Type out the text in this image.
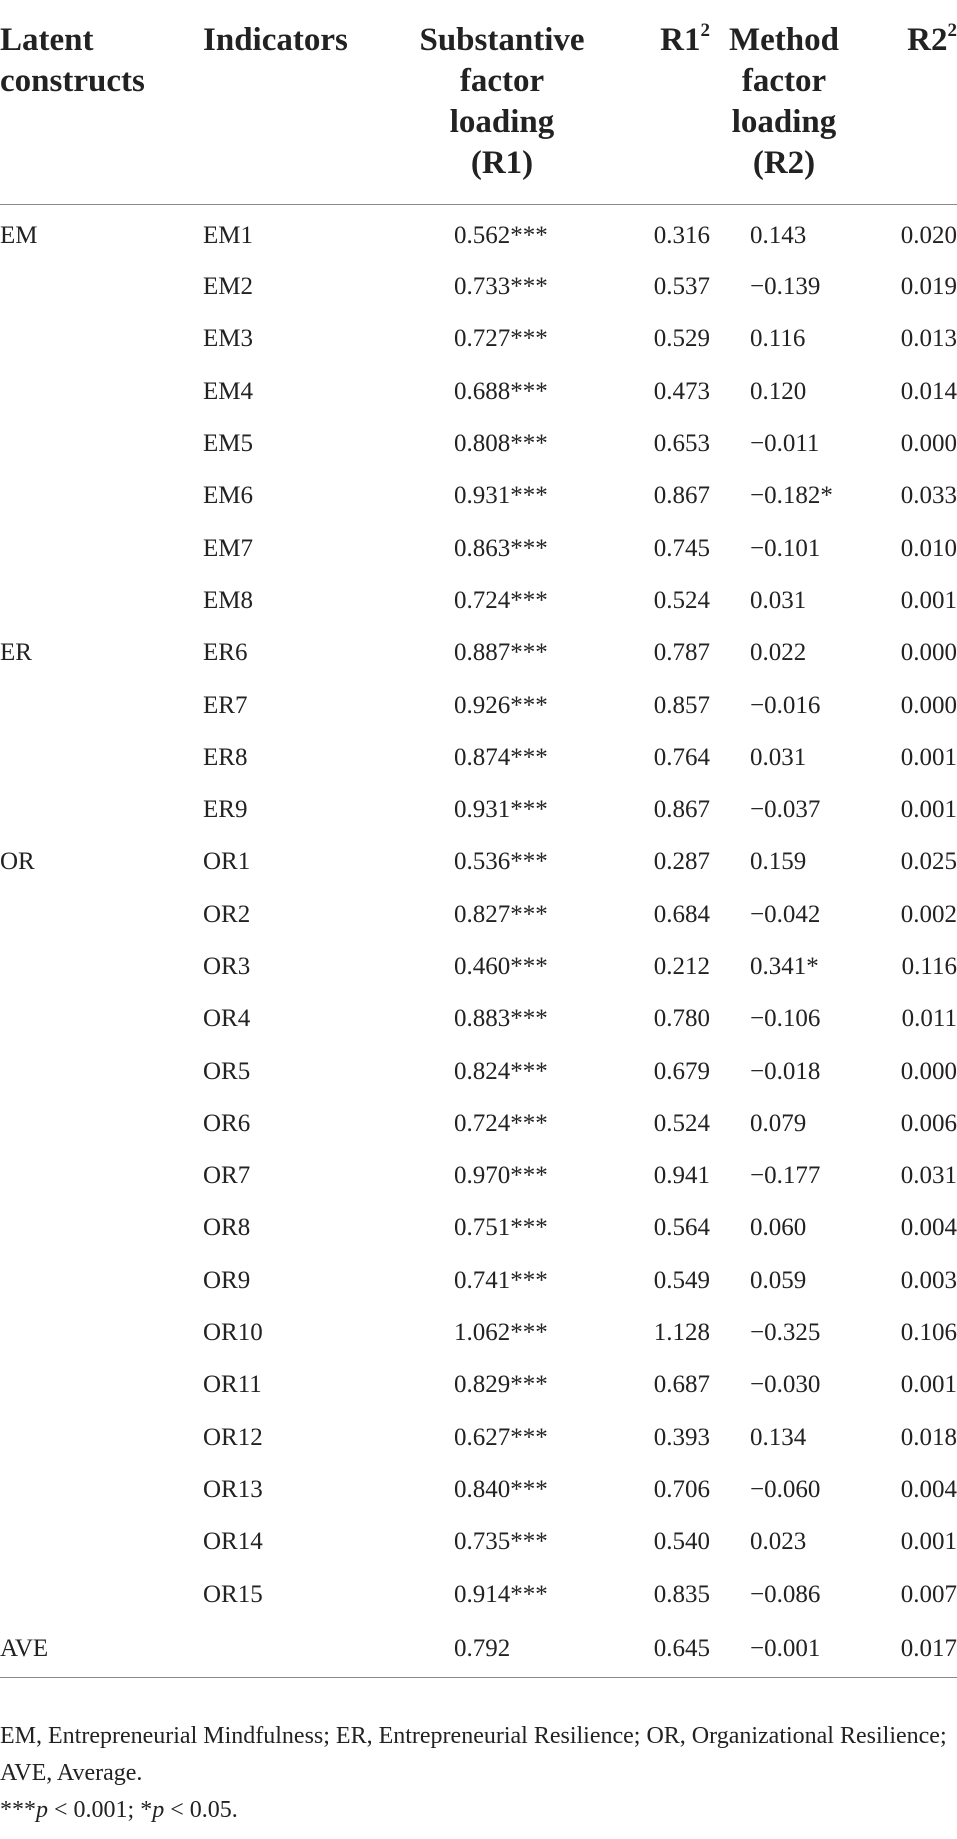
Latent
constructs	Indicators	Substantive
factor
loading
(R1)	$R1^2$	Method
factor
loading
(R2)	$R2^2$
EM	EM1	0.562***	0.316	0.143	0.020
	EM2	0.733***	0.537	−0.139	0.019
	EM3	0.727***	0.529	0.116	0.013
	EM4	0.688***	0.473	0.120	0.014
	EM5	0.808***	0.653	−0.011	0.000
	EM6	0.931***	0.867	−0.182*	0.033
	EM7	0.863***	0.745	−0.101	0.010
	EM8	0.724***	0.524	0.031	0.001
ER	ER6	0.887***	0.787	0.022	0.000
	ER7	0.926***	0.857	−0.016	0.000
	ER8	0.874***	0.764	0.031	0.001
	ER9	0.931***	0.867	−0.037	0.001
OR	OR1	0.536***	0.287	0.159	0.025
	OR2	0.827***	0.684	−0.042	0.002
	OR3	0.460***	0.212	0.341*	0.116
	OR4	0.883***	0.780	−0.106	0.011
	OR5	0.824***	0.679	−0.018	0.000
	OR6	0.724***	0.524	0.079	0.006
	OR7	0.970***	0.941	−0.177	0.031
	OR8	0.751***	0.564	0.060	0.004
	OR9	0.741***	0.549	0.059	0.003
	OR10	1.062***	1.128	−0.325	0.106
	OR11	0.829***	0.687	−0.030	0.001
	OR12	0.627***	0.393	0.134	0.018
	OR13	0.840***	0.706	−0.060	0.004
	OR14	0.735***	0.540	0.023	0.001
	OR15	0.914***	0.835	−0.086	0.007
AVE		0.792	0.645	−0.001	0.017

EM, Entrepreneurial Mindfulness; ER, Entrepreneurial Resilience; OR, Organizational Resilience; AVE, Average.

***p < 0.001; *p < 0.05.
